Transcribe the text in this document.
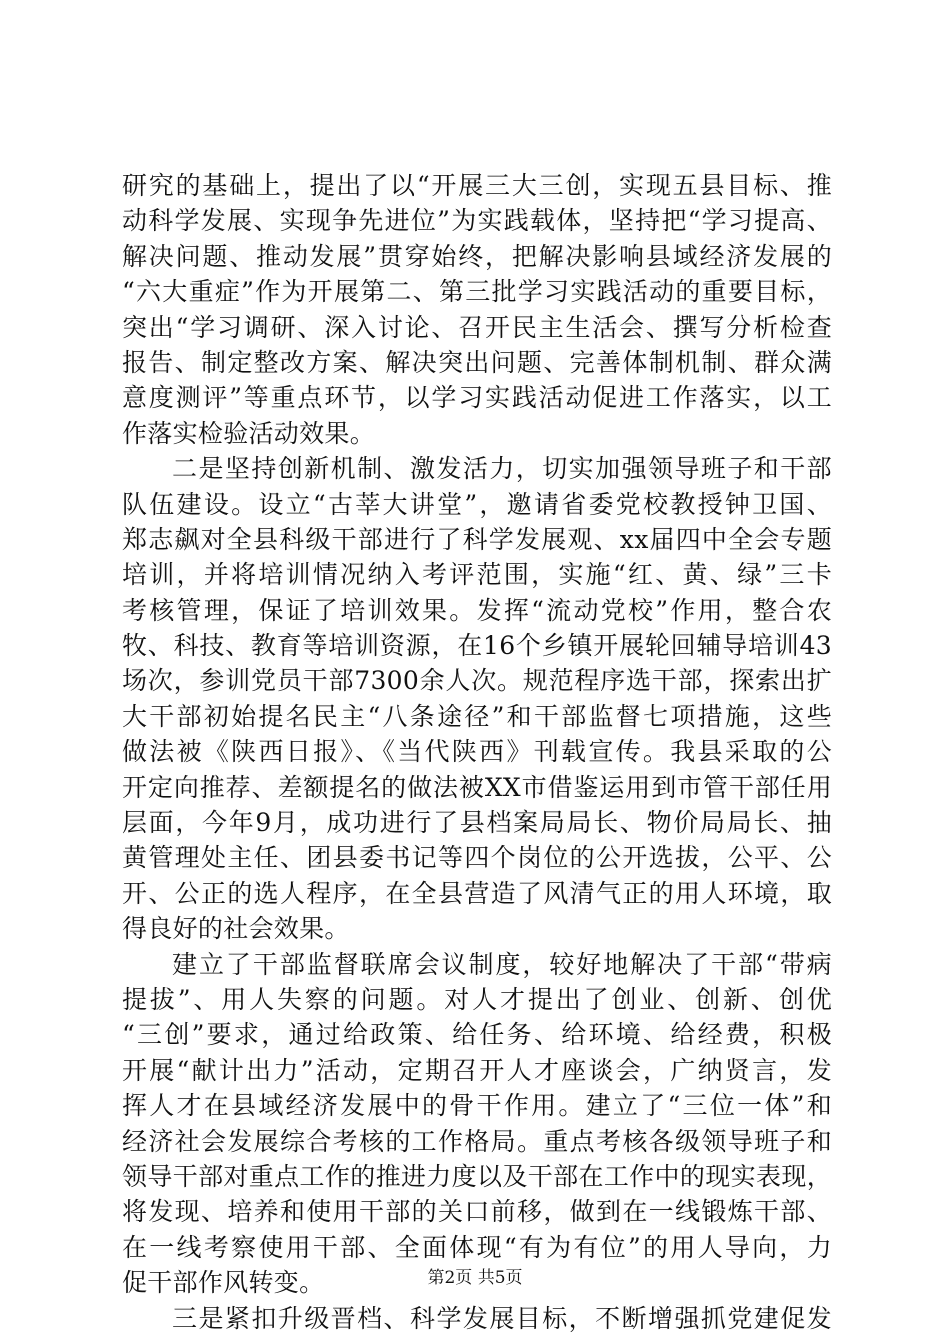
研究的基础上，提出了以“开展三大三创，实现五县目标、推
动科学发展、实现争先进位”为实践载体，坚持把“学习提高、
解决问题、推动发展”贯穿始终，把解决影响县域经济发展的
“六大重症”作为开展第二、第三批学习实践活动的重要目标，
突出“学习调研、深入讨论、召开民主生活会、撰写分析检查
报告、制定整改方案、解决突出问题、完善体制机制、群众满
意度测评”等重点环节，以学习实践活动促进工作落实，以工
作落实检验活动效果。
二是坚持创新机制、激发活力，切实加强领导班子和干部
队伍建设。设立“古莘大讲堂”，邀请省委党校教授钟卫国、
郑志飙对全县科级干部进行了科学发展观、xx届四中全会专题
培训，并将培训情况纳入考评范围，实施“红、黄、绿”三卡
考核管理，保证了培训效果。发挥“流动党校”作用，整合农
牧、科技、教育等培训资源，在16个乡镇开展轮回辅导培训43
场次，参训党员干部7300余人次。规范程序选干部，探索出扩
大干部初始提名民主“八条途径”和干部监督七项措施，这些
做法被《陕西日报》、《当代陕西》刊载宣传。我县采取的公
开定向推荐、差额提名的做法被XX市借鉴运用到市管干部任用
层面，今年9月，成功进行了县档案局局长、物价局局长、抽
黄管理处主任、团县委书记等四个岗位的公开选拔，公平、公
开、公正的选人程序，在全县营造了风清气正的用人环境，取
得良好的社会效果。
建立了干部监督联席会议制度，较好地解决了干部“带病
提拔”、用人失察的问题。对人才提出了创业、创新、创优
“三创”要求，通过给政策、给任务、给环境、给经费，积极
开展“献计出力”活动，定期召开人才座谈会，广纳贤言，发
挥人才在县域经济发展中的骨干作用。建立了“三位一体”和
经济社会发展综合考核的工作格局。重点考核各级领导班子和
领导干部对重点工作的推进力度以及干部在工作中的现实表现，
将发现、培养和使用干部的关口前移，做到在一线锻炼干部、
在一线考察使用干部、全面体现“有为有位”的用人导向，力
促干部作风转变。
三是紧扣升级晋档、科学发展目标，不断增强抓党建促发
第2页 共5页
